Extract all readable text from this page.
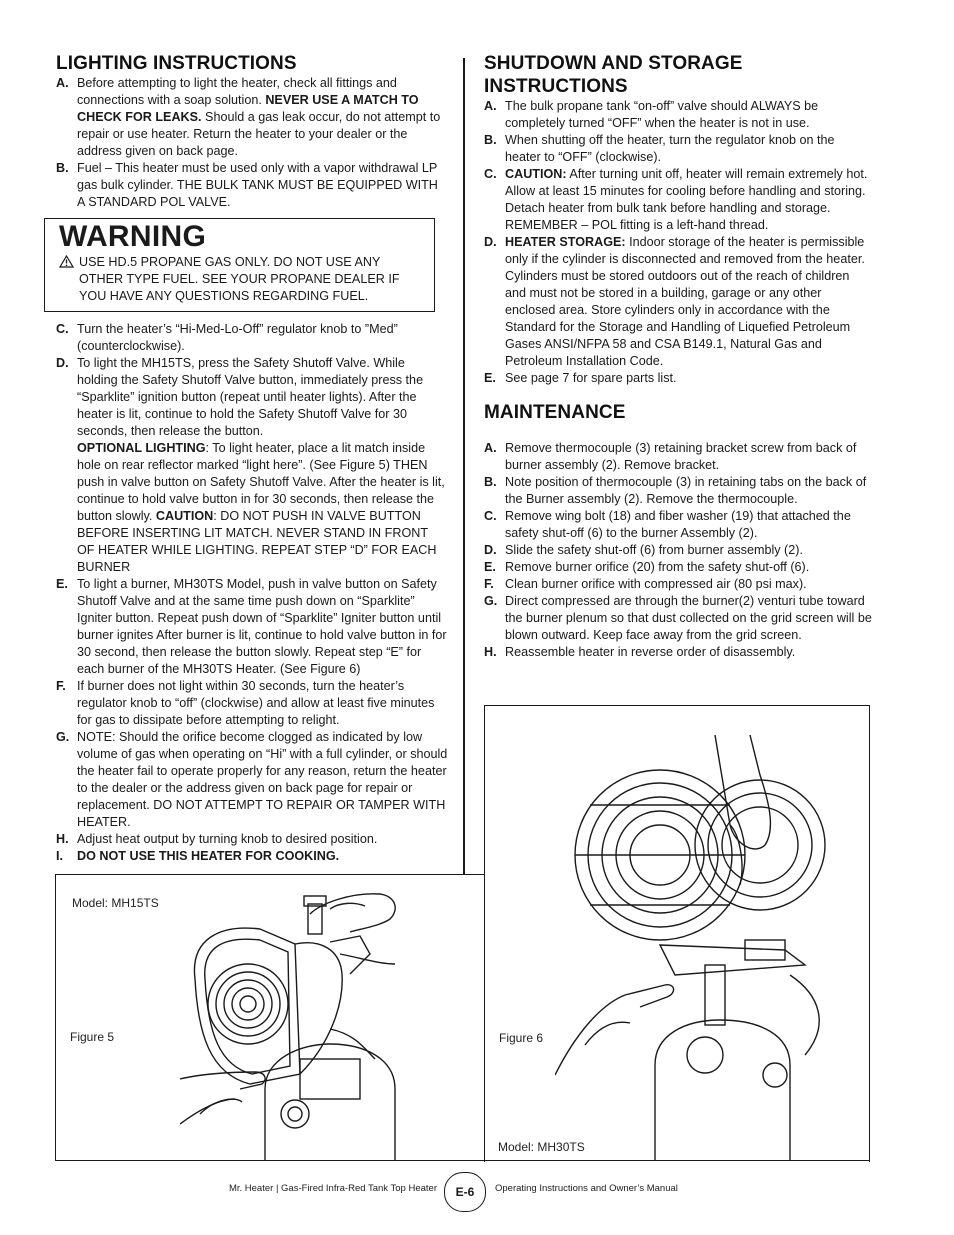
LIGHTING INSTRUCTIONS

A. Before attempting to light the heater, check all fittings and connections with a soap solution. NEVER USE A MATCH TO CHECK FOR LEAKS. Should a gas leak occur, do not attempt to repair or use heater. Return the heater to your dealer or the address given on back page.

B. Fuel – This heater must be used only with a vapor withdrawal LP gas bulk cylinder. THE BULK TANK MUST BE EQUIPPED WITH A STANDARD POL VALVE.

WARNING
USE HD.5 PROPANE GAS ONLY. DO NOT USE ANY OTHER TYPE FUEL. SEE YOUR PROPANE DEALER IF YOU HAVE ANY QUESTIONS REGARDING FUEL.

C. Turn the heater’s “Hi-Med-Lo-Off” regulator knob to ”Med” (counterclockwise).

D. To light the MH15TS, press the Safety Shutoff Valve. While holding the Safety Shutoff Valve button, immediately press the “Sparklite” ignition button (repeat until heater lights). After the heater is lit, continue to hold the Safety Shutoff Valve for 30 seconds, then release the button.

OPTIONAL LIGHTING: To light heater, place a lit match inside hole on rear reflector marked “light here”. (See Figure 5) THEN push in valve button on Safety Shutoff Valve. After the heater is lit, continue to hold valve button in for 30 seconds, then release the button slowly. CAUTION: DO NOT PUSH IN VALVE BUTTON BEFORE INSERTING LIT MATCH. NEVER STAND IN FRONT OF HEATER WHILE LIGHTING. REPEAT STEP “D” FOR EACH BURNER

E. To light a burner, MH30TS Model, push in valve button on Safety Shutoff Valve and at the same time push down on “Sparklite” Igniter button. Repeat push down of “Sparklite” Igniter button until burner ignites After burner is lit, continue to hold valve button in for 30 second, then release the button slowly. Repeat step “E” for each burner of the MH30TS Heater. (See Figure 6)

F. If burner does not light within 30 seconds, turn the heater’s regulator knob to “off” (clockwise) and allow at least five minutes for gas to dissipate before attempting to relight.

G. NOTE: Should the orifice become clogged as indicated by low volume of gas when operating on “Hi” with a full cylinder, or should the heater fail to operate properly for any reason, return the heater to the dealer or the address given on back page for repair or replacement. DO NOT ATTEMPT TO REPAIR OR TAMPER WITH HEATER.

H. Adjust heat output by turning knob to desired position.

I. DO NOT USE THIS HEATER FOR COOKING.

SHUTDOWN AND STORAGE
INSTRUCTIONS

A. The bulk propane tank “on-off” valve should ALWAYS be completely turned “OFF” when the heater is not in use.

B. When shutting off the heater, turn the regulator knob on the heater to “OFF” (clockwise).

C. CAUTION: After turning unit off, heater will remain extremely hot. Allow at least 15 minutes for cooling before handling and storing. Detach heater from bulk tank before handling and storage. REMEMBER – POL fitting is a left-hand thread.

D. HEATER STORAGE: Indoor storage of the heater is permissible only if the cylinder is disconnected and removed from the heater. Cylinders must be stored outdoors out of the reach of children and must not be stored in a building, garage or any other enclosed area. Store cylinders only in accordance with the Standard for the Storage and Handling of Liquefied Petroleum Gases ANSI/NFPA 58 and CSA B149.1, Natural Gas and Petroleum Installation Code.

E. See page 7 for spare parts list.

MAINTENANCE

A. Remove thermocouple (3) retaining bracket screw from back of burner assembly (2). Remove bracket.

B. Note position of thermocouple (3) in retaining tabs on the back of the Burner assembly (2). Remove the thermocouple.

C. Remove wing bolt (18) and fiber washer (19) that attached the safety shut-off (6) to the burner Assembly (2).

D. Slide the safety shut-off (6) from burner assembly (2).

E. Remove burner orifice (20) from the safety shut-off (6).

F. Clean burner orifice with compressed air (80 psi max).

G. Direct compressed are through the burner(2) venturi tube toward the burner plenum so that dust collected on the grid screen will be blown outward. Keep face away from the grid screen.

H. Reassemble heater in reverse order of disassembly.

Model: MH15TS
Figure 5	Figure 6
Model: MH30TS
Mr. Heater | Gas-Fired Infra-Red Tank Top Heater	E-6	Operating Instructions and Owner’s Manual
